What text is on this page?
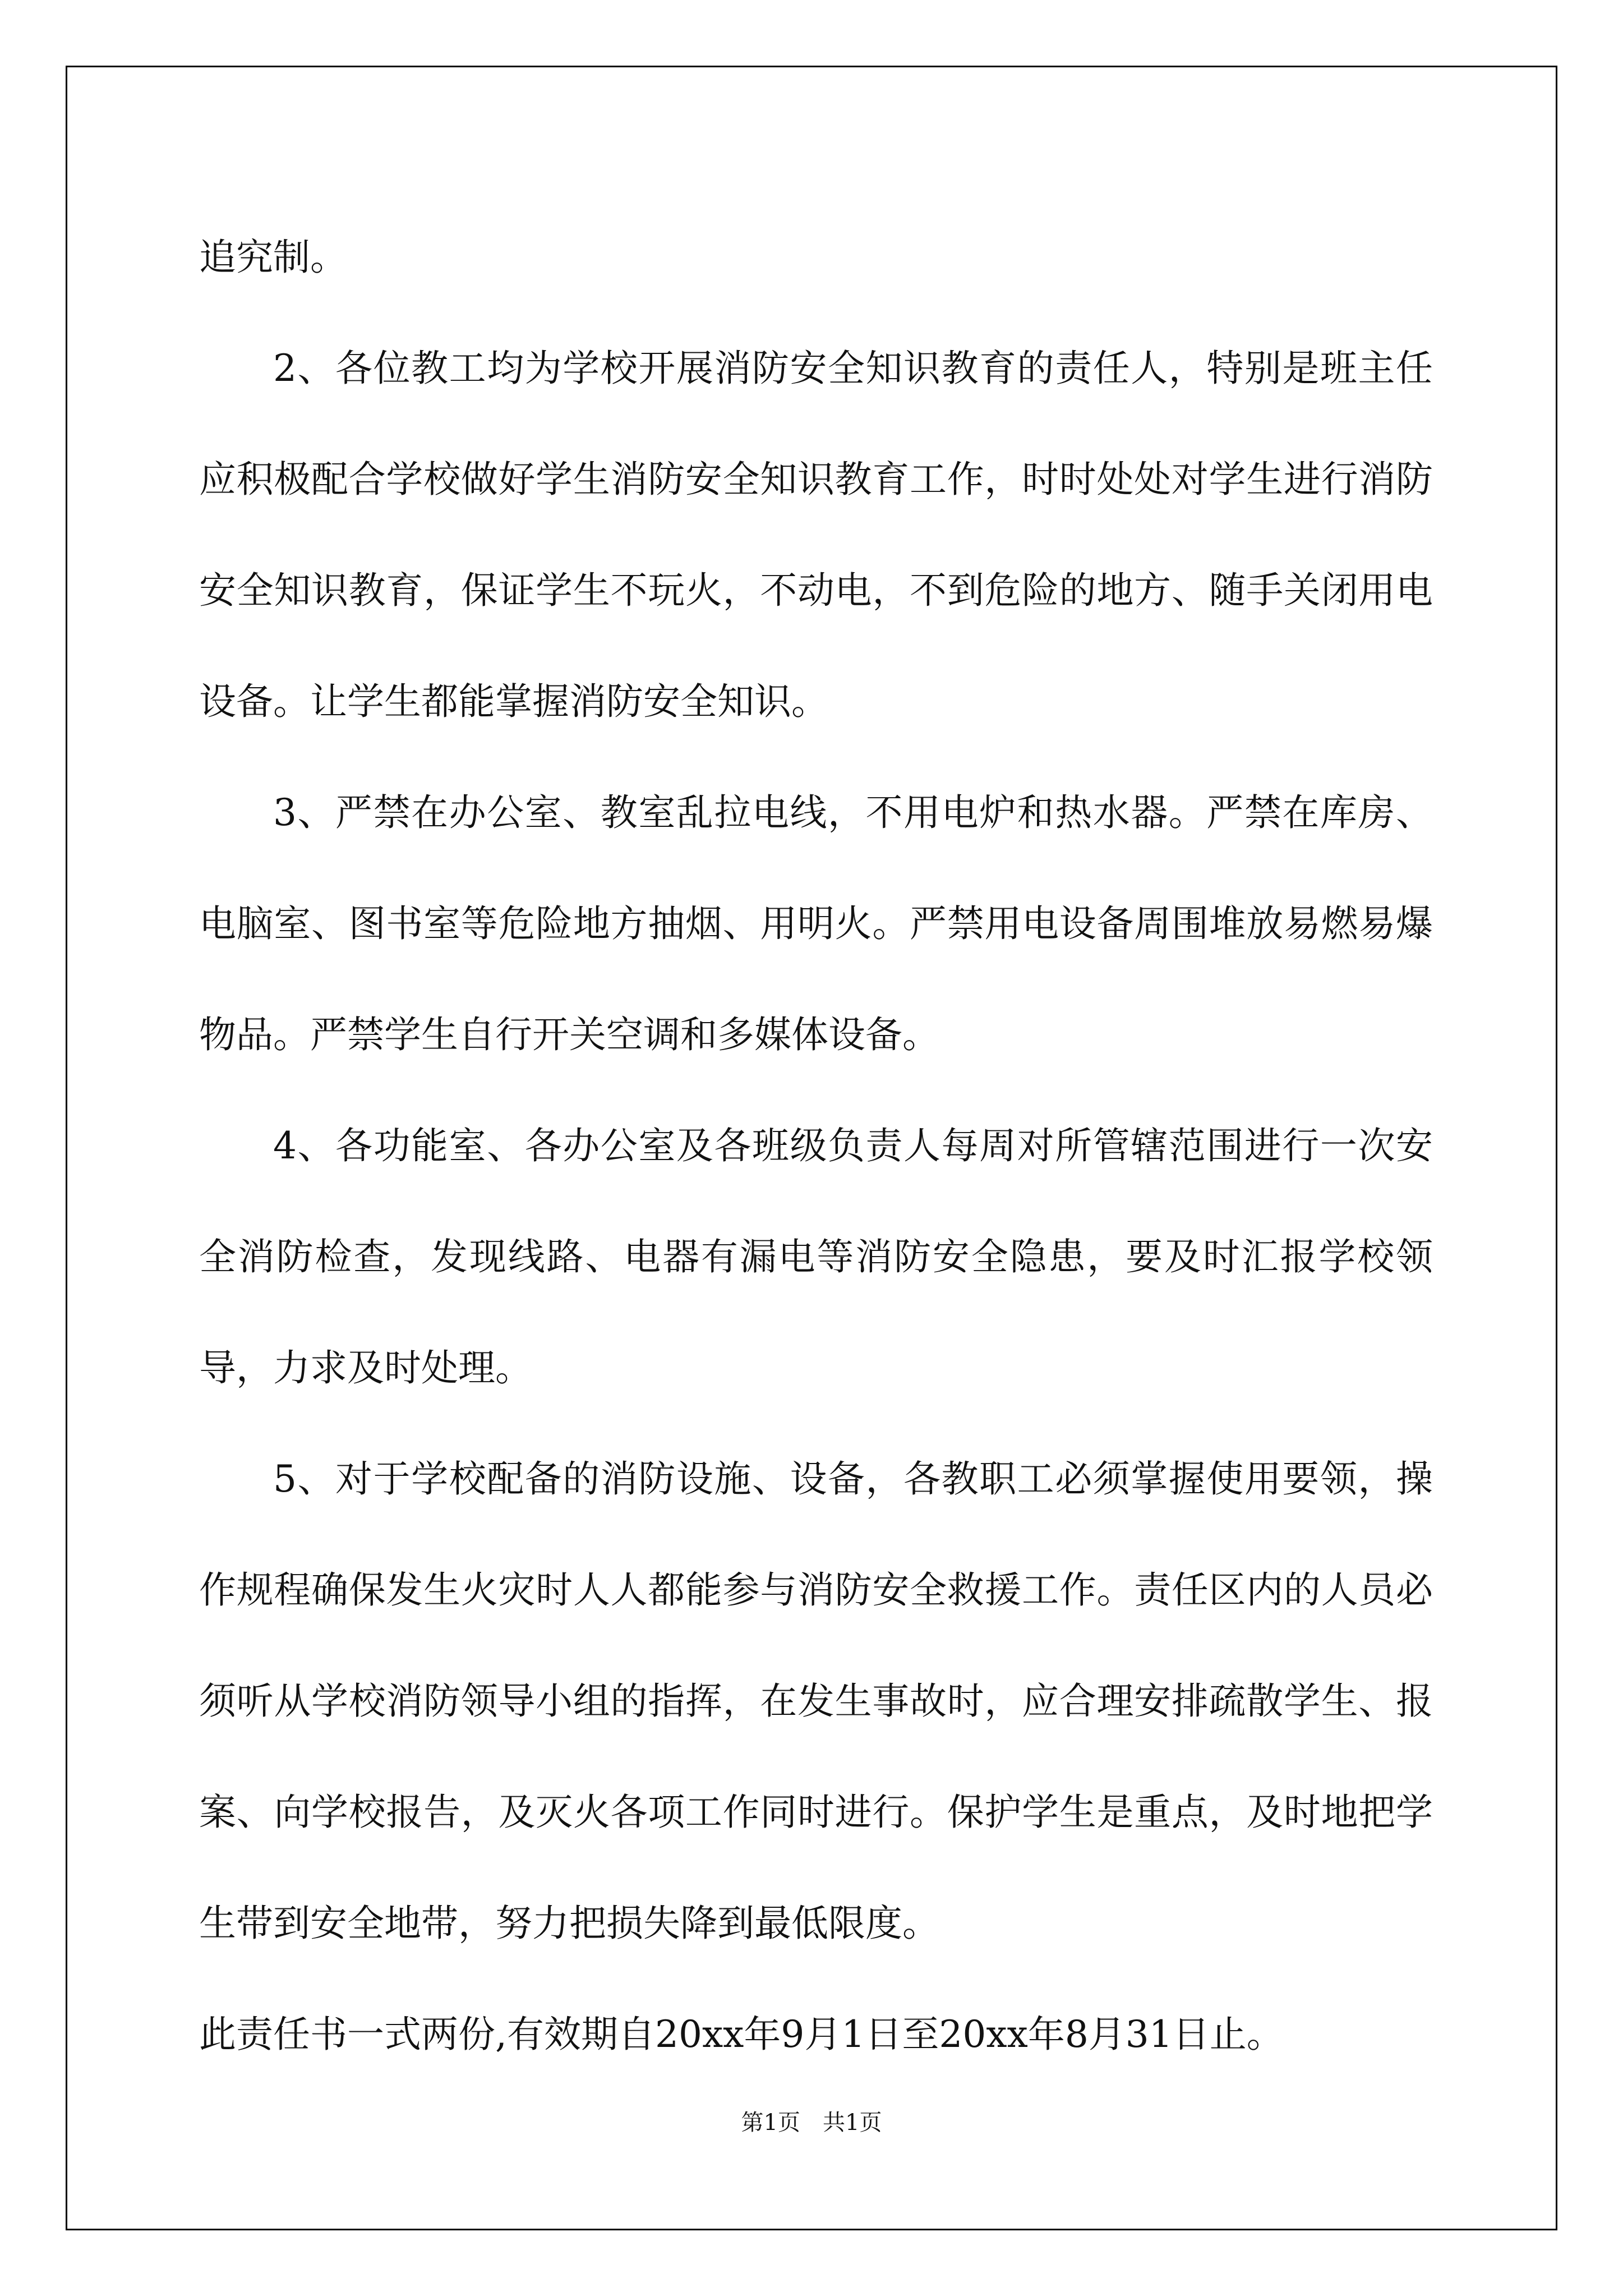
追究制。

2、各位教工均为学校开展消防安全知识教育的责任人，特别是班主任应积极配合学校做好学生消防安全知识教育工作，时时处处对学生进行消防安全知识教育，保证学生不玩火，不动电，不到危险的地方、随手关闭用电设备。让学生都能掌握消防安全知识。

3、严禁在办公室、教室乱拉电线，不用电炉和热水器。严禁在库房、电脑室、图书室等危险地方抽烟、用明火。严禁用电设备周围堆放易燃易爆物品。严禁学生自行开关空调和多媒体设备。

4、各功能室、各办公室及各班级负责人每周对所管辖范围进行一次安全消防检查，发现线路、电器有漏电等消防安全隐患，要及时汇报学校领导，力求及时处理。

5、对于学校配备的消防设施、设备，各教职工必须掌握使用要领，操作规程确保发生火灾时人人都能参与消防安全救援工作。责任区内的人员必须听从学校消防领导小组的指挥，在发生事故时，应合理安排疏散学生、报案、向学校报告，及灭火各项工作同时进行。保护学生是重点，及时地把学生带到安全地带，努力把损失降到最低限度。

此责任书一式两份,有效期自20xx年9月1日至20xx年8月31日止。

第1页　共1页
